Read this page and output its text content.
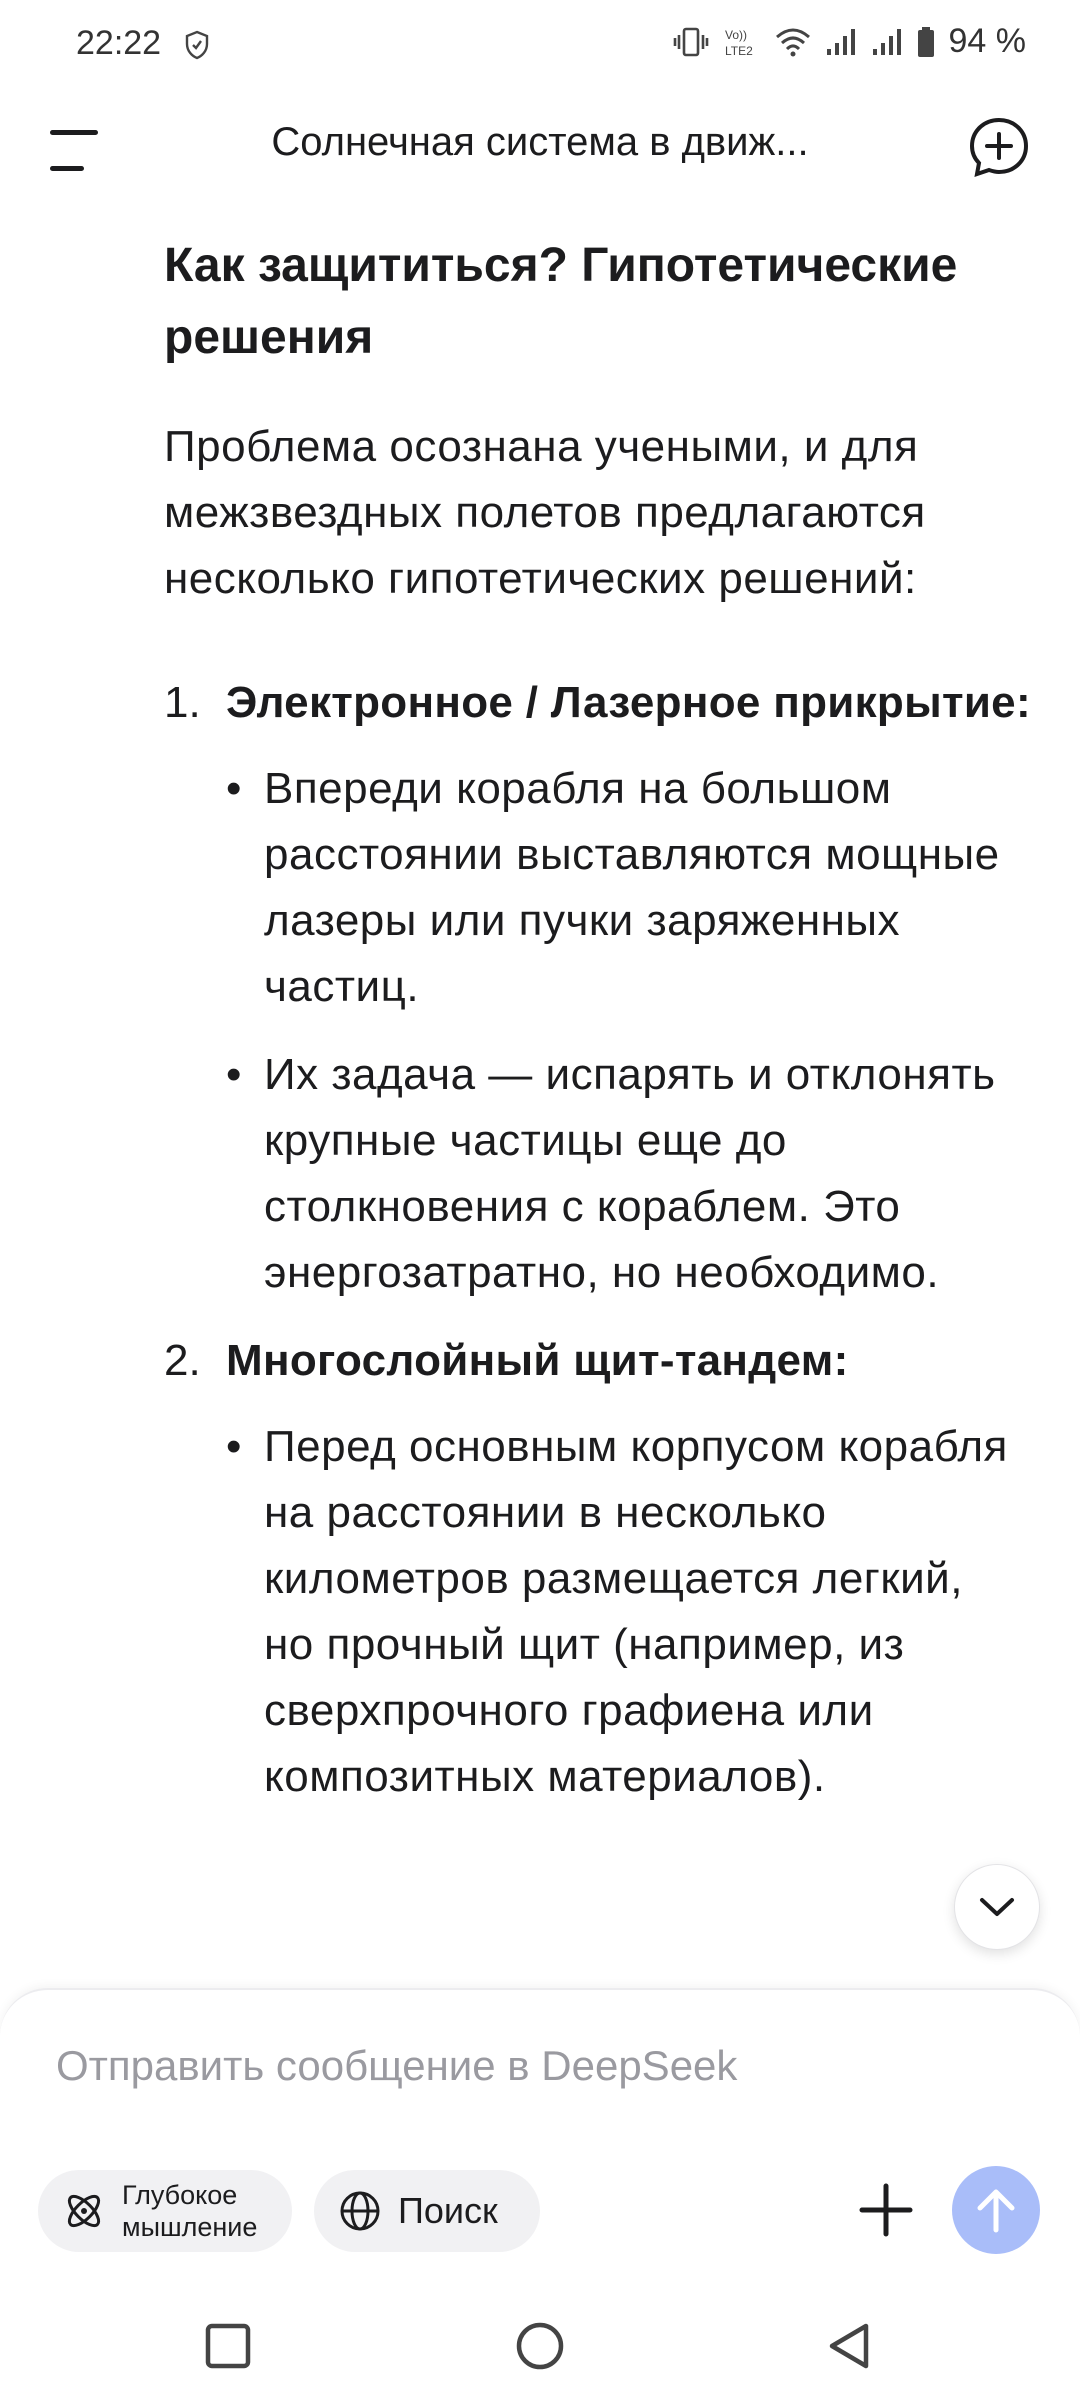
22:22	Vo))
LTE2	94 %
Солнечная система в движ...
Как защититься? Гипотетические решения
Проблема осознана учеными, и для межзвездных полетов предлагаются несколько гипотетических решений:
1. Электронное / Лазерное прикрытие:
• Впереди корабля на большом расстоянии выставляются мощные лазеры или пучки заряженных частиц.
• Их задача — испарять и отклонять крупные частицы еще до столкновения с кораблем. Это энергозатратно, но необходимо.
2. Многослойный щит-тандем:
• Перед основным корпусом корабля на расстоянии в несколько километров размещается легкий, но прочный щит (например, из сверхпрочного графиена или композитных материалов).
Отправить сообщение в DeepSeek
Глубокое мышление	Поиск
